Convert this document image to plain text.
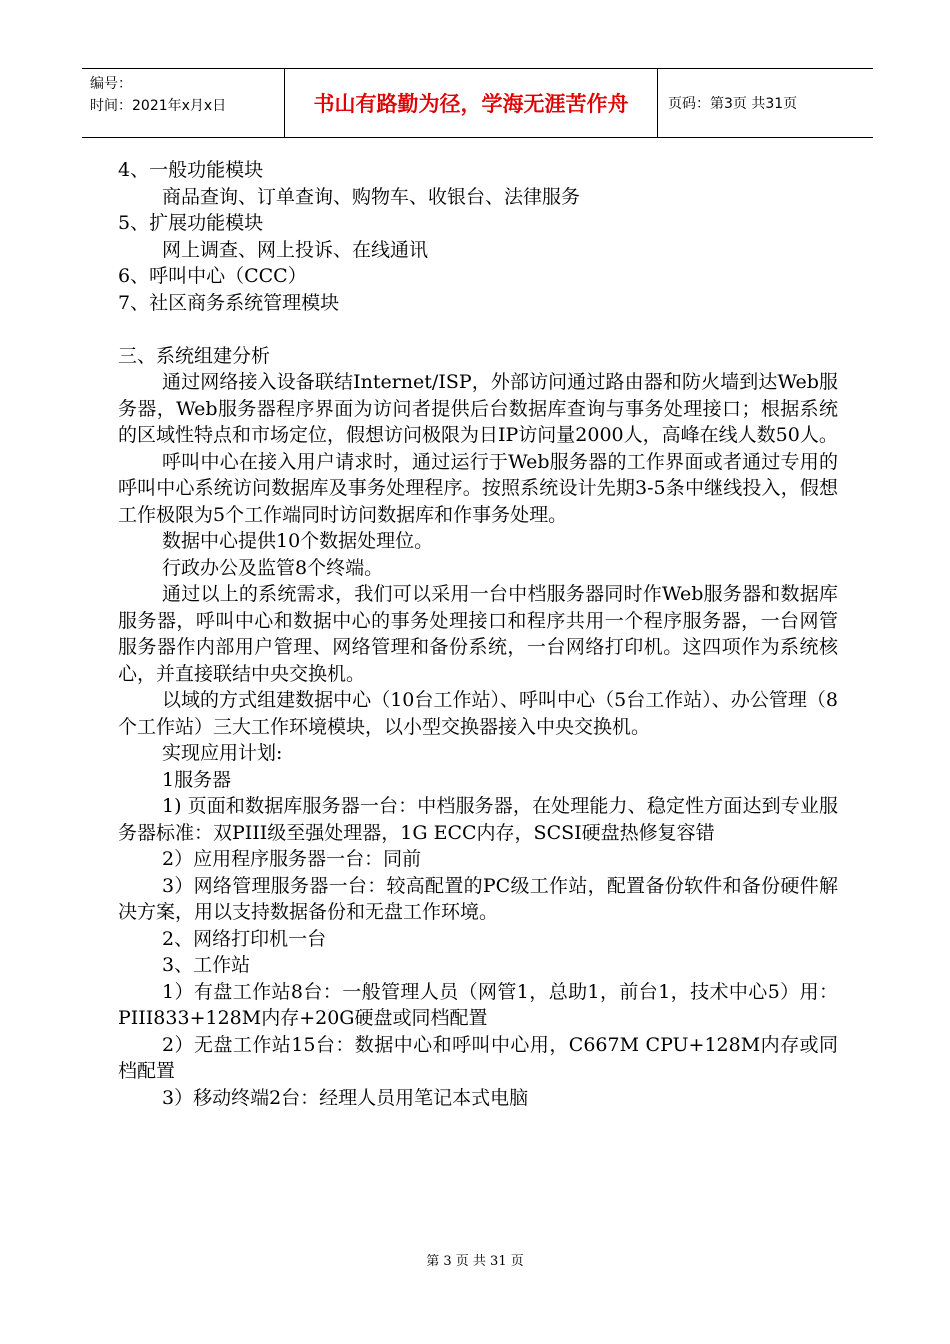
编号：
时间：2021年x月x日	书山有路勤为径，学海无涯苦作舟	页码：第3页 共31页

4、一般功能模块

商品查询、订单查询、购物车、收银台、法律服务

5、扩展功能模块

网上调查、网上投诉、在线通讯

6、呼叫中心（CCC）

7、社区商务系统管理模块

三、系统组建分析

通过网络接入设备联结Internet/ISP，外部访问通过路由器和防火墙到达Web服务器，Web服务器程序界面为访问者提供后台数据库查询与事务处理接口；根据系统的区域性特点和市场定位，假想访问极限为日IP访问量2000人，高峰在线人数50人。

呼叫中心在接入用户请求时，通过运行于Web服务器的工作界面或者通过专用的呼叫中心系统访问数据库及事务处理程序。按照系统设计先期3-5条中继线投入，假想工作极限为5个工作端同时访问数据库和作事务处理。

数据中心提供10个数据处理位。

行政办公及监管8个终端。

通过以上的系统需求，我们可以采用一台中档服务器同时作Web服务器和数据库服务器，呼叫中心和数据中心的事务处理接口和程序共用一个程序服务器，一台网管服务器作内部用户管理、网络管理和备份系统，一台网络打印机。这四项作为系统核心，并直接联结中央交换机。

以域的方式组建数据中心（10台工作站）、呼叫中心（5台工作站）、办公管理（8个工作站）三大工作环境模块，以小型交换器接入中央交换机。

实现应用计划:

1服务器

1) 页面和数据库服务器一台：中档服务器，在处理能力、稳定性方面达到专业服务器标准：双PIII级至强处理器，1G ECC内存，SCSI硬盘热修复容错

2）应用程序服务器一台：同前

3）网络管理服务器一台：较高配置的PC级工作站，配置备份软件和备份硬件解决方案，用以支持数据备份和无盘工作环境。

2、网络打印机一台

3、工作站

1）有盘工作站8台：一般管理人员（网管1，总助1，前台1，技术中心5）用：PIII833+128M内存+20G硬盘或同档配置

2）无盘工作站15台：数据中心和呼叫中心用，C667M CPU+128M内存或同档配置

3）移动终端2台：经理人员用笔记本式电脑

第 3 页 共 31 页
